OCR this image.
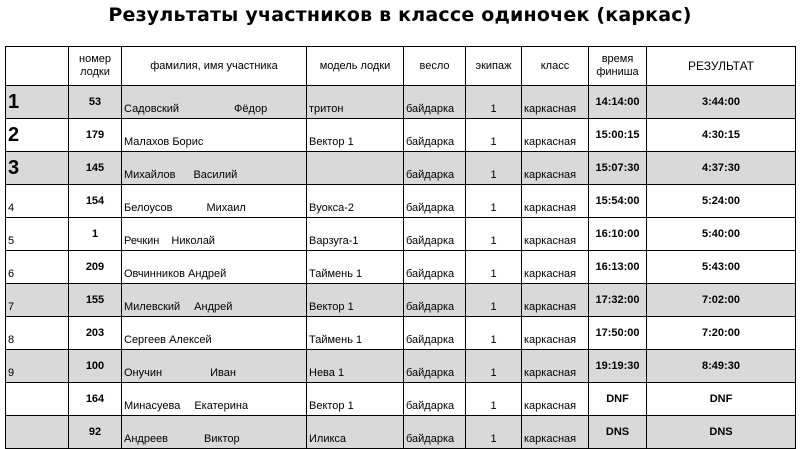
Результаты участников в классе одиночек (каркас)
	номер
лодки	фамилия, имя участника	модель лодки	весло	экипаж	класс	время
финиша	РЕЗУЛЬТАТ
1	53	Садовский Фёдор	тритон	байдарка	1	каркасная	14:14:00	3:44:00
2	179	Малахов Борис	Вектор 1	байдарка	1	каркасная	15:00:15	4:30:15
3	145	Михайлов Василий		байдарка	1	каркасная	15:07:30	4:37:30
4	154	Белоусов Михаил	Вуокса-2	байдарка	1	каркасная	15:54:00	5:24:00
5	1	Речкин Николай	Варзуга-1	байдарка	1	каркасная	16:10:00	5:40:00
6	209	Овчинников Андрей	Таймень 1	байдарка	1	каркасная	16:13:00	5:43:00
7	155	Милевский Андрей	Вектор 1	байдарка	1	каркасная	17:32:00	7:02:00
8	203	Сергеев Алексей	Таймень 1	байдарка	1	каркасная	17:50:00	7:20:00
9	100	Онучин Иван	Нева 1	байдарка	1	каркасная	19:19:30	8:49:30
	164	Минасуева Екатерина	Вектор 1	байдарка	1	каркасная	DNF	DNF
	92	Андреев Виктор	Иликса	байдарка	1	каркасная	DNS	DNS
